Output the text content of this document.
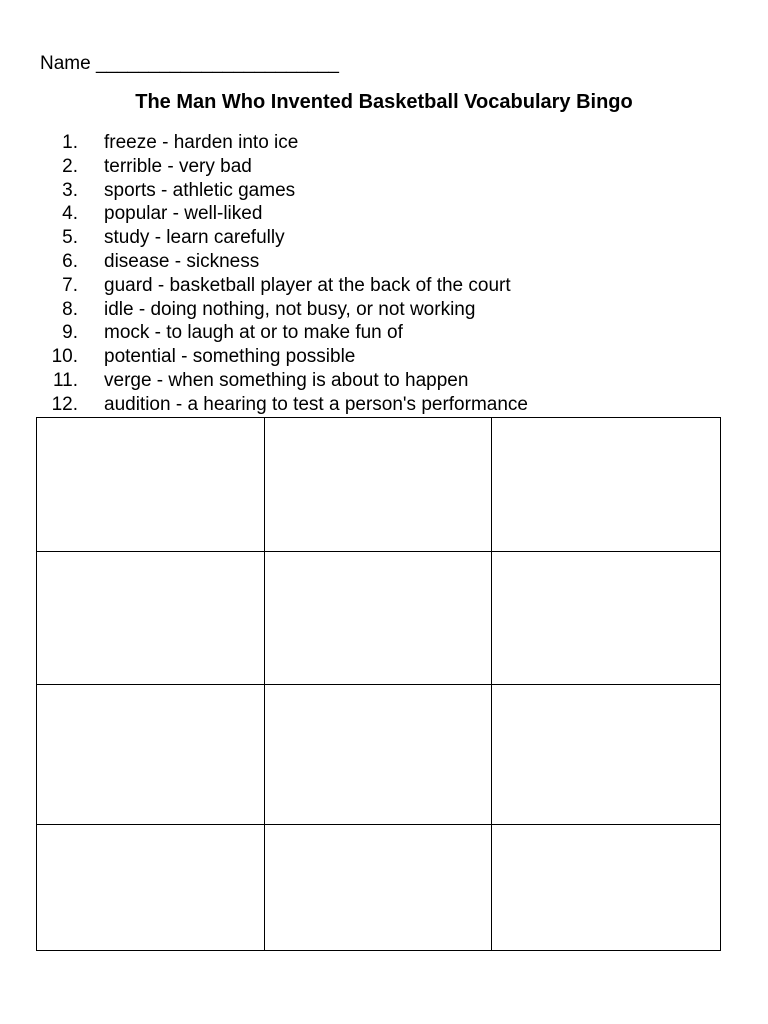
Name _______________________
The Man Who Invented Basketball Vocabulary Bingo
1. freeze - harden into ice
2. terrible - very bad
3. sports - athletic games
4. popular - well-liked
5. study - learn carefully
6. disease - sickness
7. guard - basketball player at the back of the court
8. idle - doing nothing, not busy, or not working
9. mock - to laugh at or to make fun of
10. potential - something possible
11. verge - when something is about to happen
12. audition - a hearing to test a person's performance
